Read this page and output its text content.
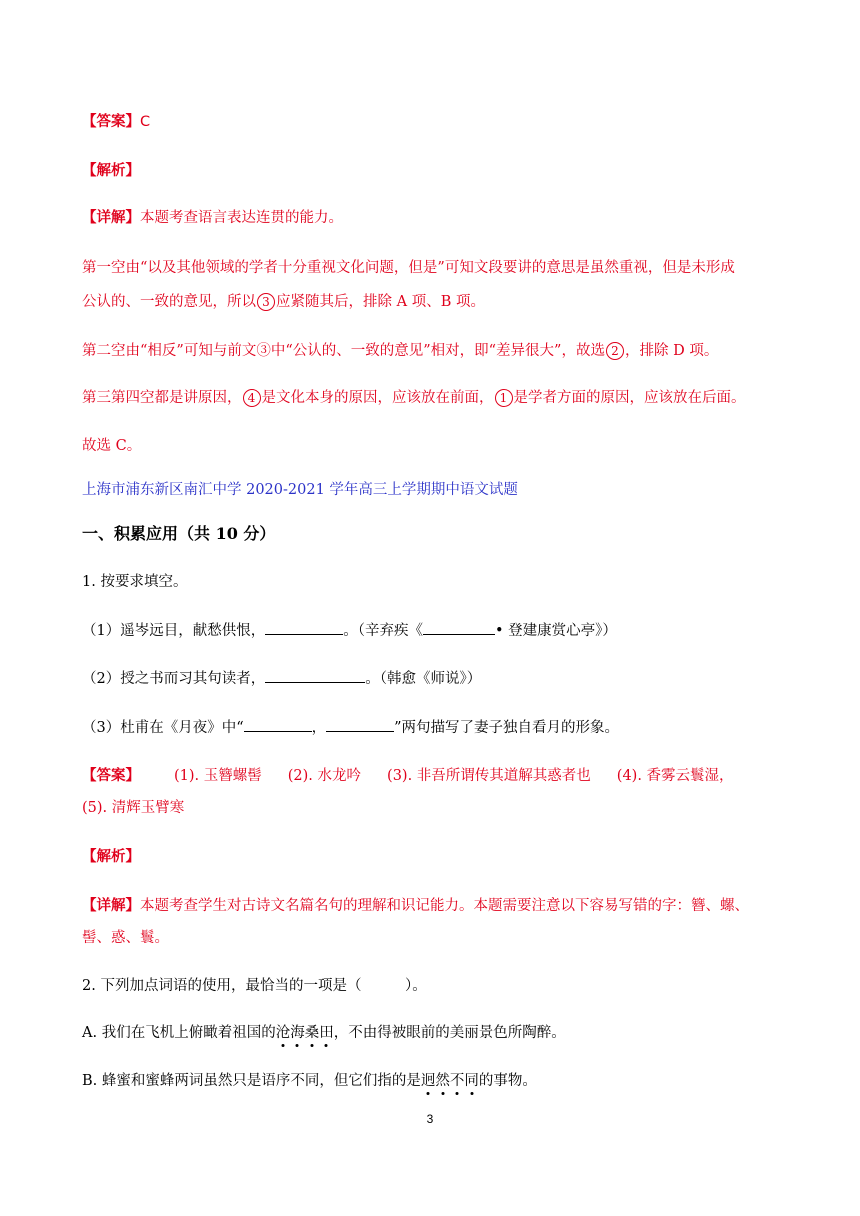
【答案】C
【解析】
【详解】本题考查语言表达连贯的能力。
第一空由“以及其他领域的学者十分重视文化问题，但是”可知文段要讲的意思是虽然重视，但是未形成
公认的、一致的意见，所以 3 应紧随其后，排除 A 项、B 项。
第二空由“相反”可知与前文③中“公认的、一致的意见”相对，即“差异很大”，故选 2 ，排除 D 项。
第三第四空都是讲原因， 4 是文化本身的原因，应该放在前面， 1 是学者方面的原因，应该放在后面。
故选 C。
上海市浦东新区南汇中学 2020-2021 学年高三上学期期中语文试题
一、积累应用（共 10 分）
1. 按要求填空。
（1）遥岑远目，献愁供恨，	。（辛弃疾《	• 登建康赏心亭》）
（2）授之书而习其句读者，	。（韩愈《师说》）
（3）杜甫在《月夜》中“	，	”两句描写了妻子独自看月的形象。
【答案】 (1). 玉簪螺髻 (2). 水龙吟 (3). 非吾所谓传其道解其惑者也 (4). 香雾云鬟湿，
(5). 清辉玉臂寒
【解析】
【详解】本题考查学生对古诗文名篇名句的理解和识记能力。本题需要注意以下容易写错的字：簪、螺、
髻、惑、鬟。
2. 下列加点词语的使用，最恰当的一项是（　　　）。
A. 我们在飞机上俯瞰着祖国的沧海桑田，不由得被眼前的美丽景色所陶醉。
B. 蜂蜜和蜜蜂两词虽然只是语序不同，但它们指的是迥然不同的事物。
3
